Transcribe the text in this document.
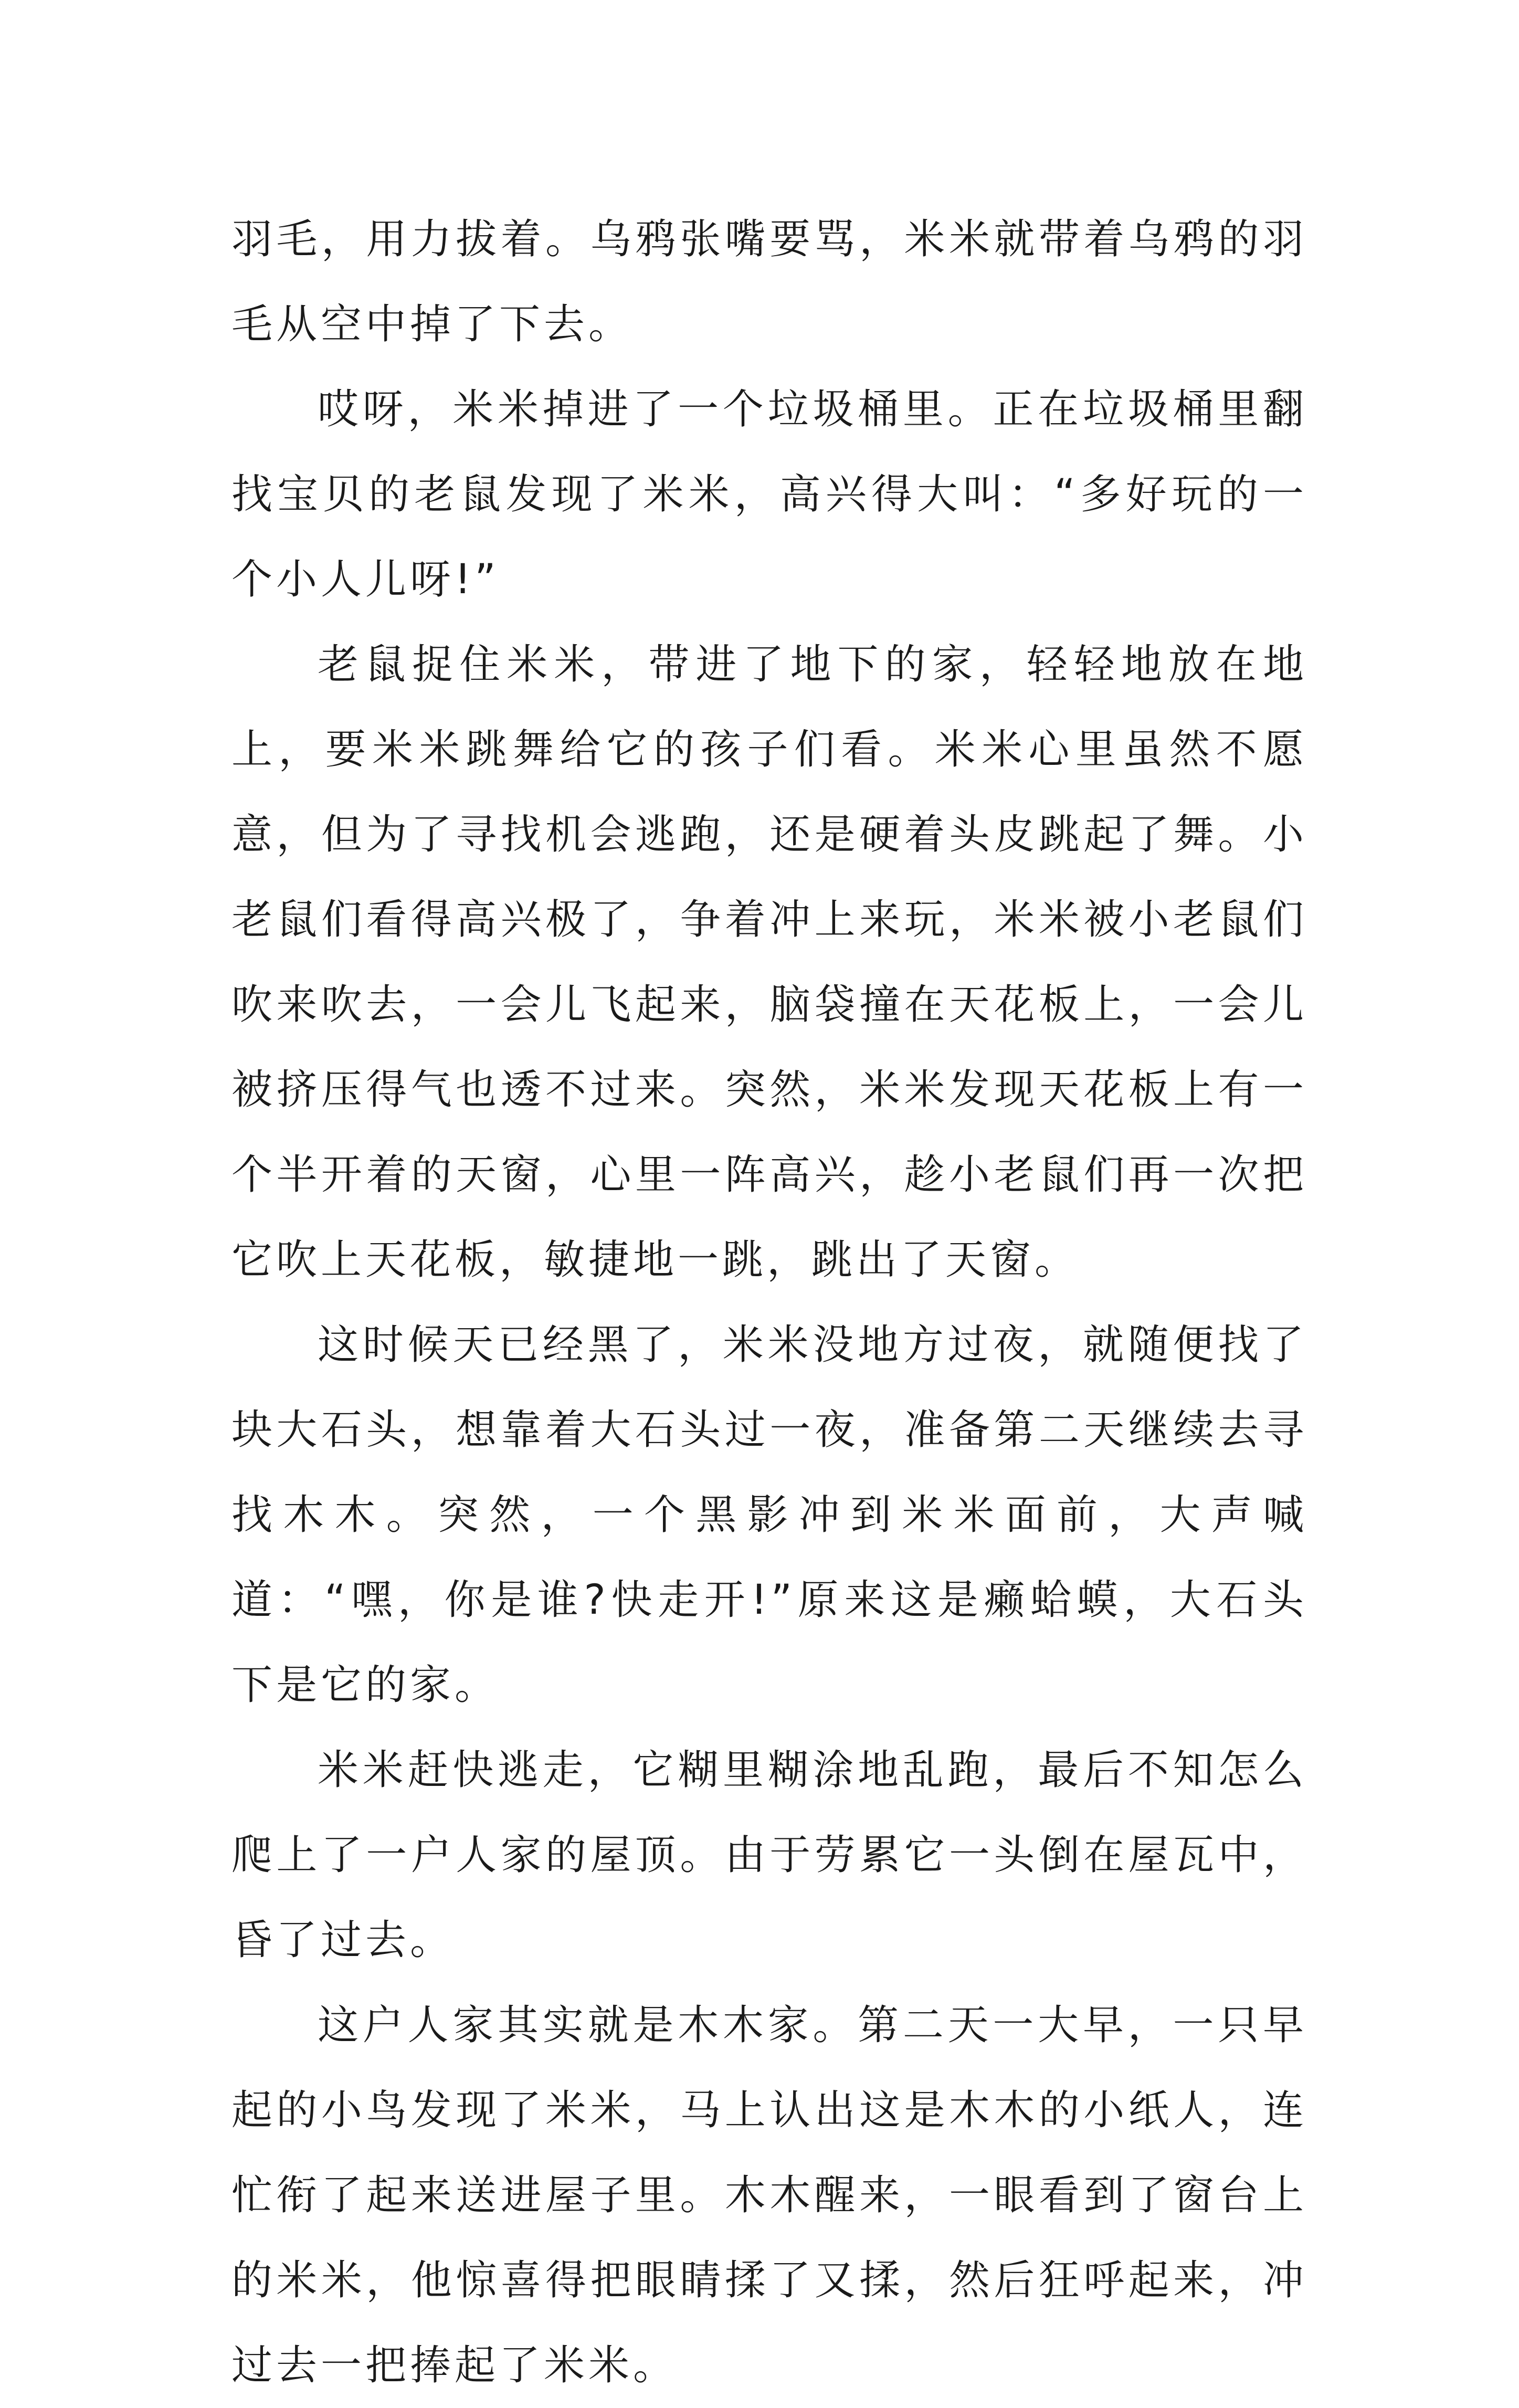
羽毛，用力拔着。乌鸦张嘴要骂，米米就带着乌鸦的羽毛从空中掉了下去。

哎呀，米米掉进了一个垃圾桶里。正在垃圾桶里翻找宝贝的老鼠发现了米米，高兴得大叫：“多好玩的一个小人儿呀!”

老鼠捉住米米，带进了地下的家，轻轻地放在地上，要米米跳舞给它的孩子们看。米米心里虽然不愿意，但为了寻找机会逃跑，还是硬着头皮跳起了舞。小老鼠们看得高兴极了，争着冲上来玩，米米被小老鼠们吹来吹去，一会儿飞起来，脑袋撞在天花板上，一会儿被挤压得气也透不过来。突然，米米发现天花板上有一个半开着的天窗，心里一阵高兴，趁小老鼠们再一次把它吹上天花板，敏捷地一跳，跳出了天窗。

这时候天已经黑了，米米没地方过夜，就随便找了块大石头，想靠着大石头过一夜，准备第二天继续去寻找木木。突然，一个黑影冲到米米面前，大声喊道：“嘿，你是谁?快走开!”原来这是癞蛤蟆，大石头下是它的家。

米米赶快逃走，它糊里糊涂地乱跑，最后不知怎么爬上了一户人家的屋顶。由于劳累它一头倒在屋瓦中，昏了过去。

这户人家其实就是木木家。第二天一大早，一只早起的小鸟发现了米米，马上认出这是木木的小纸人，连忙衔了起来送进屋子里。木木醒来，一眼看到了窗台上的米米，他惊喜得把眼睛揉了又揉，然后狂呼起来，冲过去一把捧起了米米。
